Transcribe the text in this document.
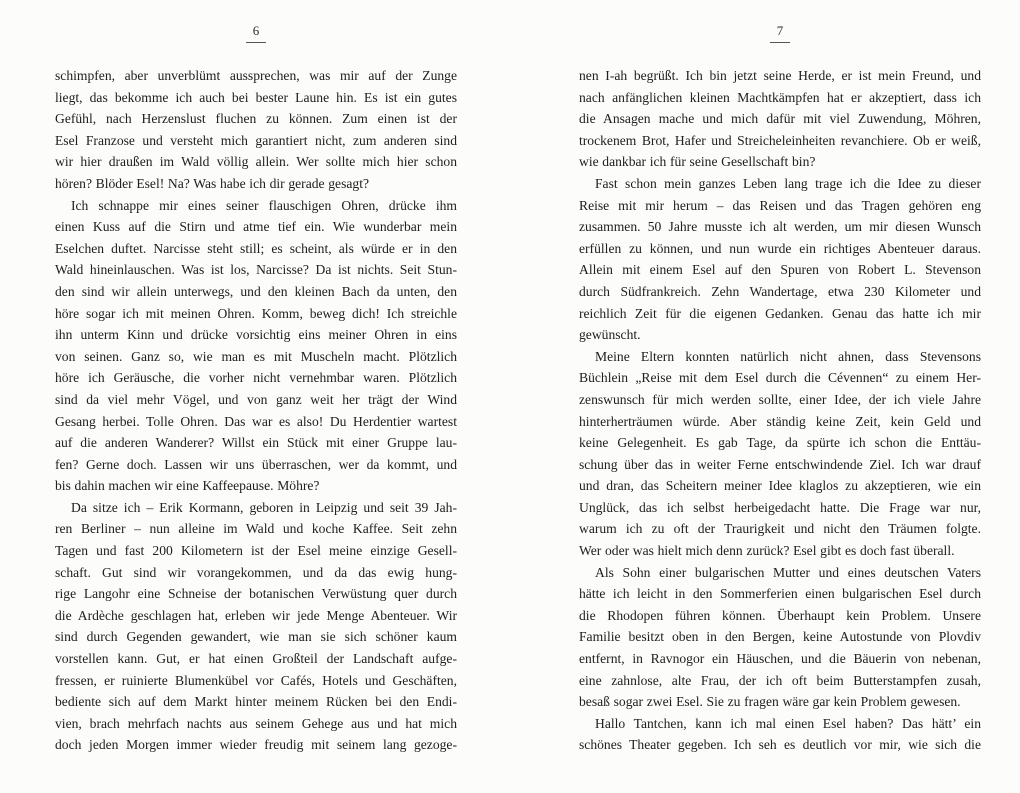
6
schimpfen, aber unverblümt aussprechen, was mir auf der Zunge
liegt, das bekomme ich auch bei bester Laune hin. Es ist ein gutes
Gefühl, nach Herzenslust fluchen zu können. Zum einen ist der
Esel Franzose und versteht mich garantiert nicht, zum anderen sind
wir hier draußen im Wald völlig allein. Wer sollte mich hier schon
hören? Blöder Esel! Na? Was habe ich dir gerade gesagt?
Ich schnappe mir eines seiner flauschigen Ohren, drücke ihm
einen Kuss auf die Stirn und atme tief ein. Wie wunderbar mein
Eselchen duftet. Narcisse steht still; es scheint, als würde er in den
Wald hineinlauschen. Was ist los, Narcisse? Da ist nichts. Seit Stun-
den sind wir allein unterwegs, und den kleinen Bach da unten, den
höre sogar ich mit meinen Ohren. Komm, beweg dich! Ich streichle
ihn unterm Kinn und drücke vorsichtig eins meiner Ohren in eins
von seinen. Ganz so, wie man es mit Muscheln macht. Plötzlich
höre ich Geräusche, die vorher nicht vernehmbar waren. Plötzlich
sind da viel mehr Vögel, und von ganz weit her trägt der Wind
Gesang herbei. Tolle Ohren. Das war es also! Du Herdentier wartest
auf die anderen Wanderer? Willst ein Stück mit einer Gruppe lau-
fen? Gerne doch. Lassen wir uns überraschen, wer da kommt, und
bis dahin machen wir eine Kaffeepause. Möhre?
Da sitze ich – Erik Kormann, geboren in Leipzig und seit 39 Jah-
ren Berliner – nun alleine im Wald und koche Kaffee. Seit zehn
Tagen und fast 200 Kilometern ist der Esel meine einzige Gesell-
schaft. Gut sind wir vorangekommen, und da das ewig hung-
rige Langohr eine Schneise der botanischen Verwüstung quer durch
die Ardèche geschlagen hat, erleben wir jede Menge Abenteuer. Wir
sind durch Gegenden gewandert, wie man sie sich schöner kaum
vorstellen kann. Gut, er hat einen Großteil der Landschaft aufge-
fressen, er ruinierte Blumenkübel vor Cafés, Hotels und Geschäften,
bediente sich auf dem Markt hinter meinem Rücken bei den Endi-
vien, brach mehrfach nachts aus seinem Gehege aus und hat mich
doch jeden Morgen immer wieder freudig mit seinem lang gezoge-
7
nen I-ah begrüßt. Ich bin jetzt seine Herde, er ist mein Freund, und
nach anfänglichen kleinen Machtkämpfen hat er akzeptiert, dass ich
die Ansagen mache und mich dafür mit viel Zuwendung, Möhren,
trockenem Brot, Hafer und Streicheleinheiten revanchiere. Ob er weiß,
wie dankbar ich für seine Gesellschaft bin?
Fast schon mein ganzes Leben lang trage ich die Idee zu dieser
Reise mit mir herum – das Reisen und das Tragen gehören eng
zusammen. 50 Jahre musste ich alt werden, um mir diesen Wunsch
erfüllen zu können, und nun wurde ein richtiges Abenteuer daraus.
Allein mit einem Esel auf den Spuren von Robert L. Stevenson
durch Südfrankreich. Zehn Wandertage, etwa 230 Kilometer und
reichlich Zeit für die eigenen Gedanken. Genau das hatte ich mir
gewünscht.
Meine Eltern konnten natürlich nicht ahnen, dass Stevensons
Büchlein „Reise mit dem Esel durch die Cévennen“ zu einem Her-
zenswunsch für mich werden sollte, einer Idee, der ich viele Jahre
hinterherträumen würde. Aber ständig keine Zeit, kein Geld und
keine Gelegenheit. Es gab Tage, da spürte ich schon die Enttäu-
schung über das in weiter Ferne entschwindende Ziel. Ich war drauf
und dran, das Scheitern meiner Idee klaglos zu akzeptieren, wie ein
Unglück, das ich selbst herbeigedacht hatte. Die Frage war nur,
warum ich zu oft der Traurigkeit und nicht den Träumen folgte.
Wer oder was hielt mich denn zurück? Esel gibt es doch fast überall.
Als Sohn einer bulgarischen Mutter und eines deutschen Vaters
hätte ich leicht in den Sommerferien einen bulgarischen Esel durch
die Rhodopen führen können. Überhaupt kein Problem. Unsere
Familie besitzt oben in den Bergen, keine Autostunde von Plovdiv
entfernt, in Ravnogor ein Häuschen, und die Bäuerin von nebenan,
eine zahnlose, alte Frau, der ich oft beim Butterstampfen zusah,
besaß sogar zwei Esel. Sie zu fragen wäre gar kein Problem gewesen.
Hallo Tantchen, kann ich mal einen Esel haben? Das hätt’ ein
schönes Theater gegeben. Ich seh es deutlich vor mir, wie sich die
